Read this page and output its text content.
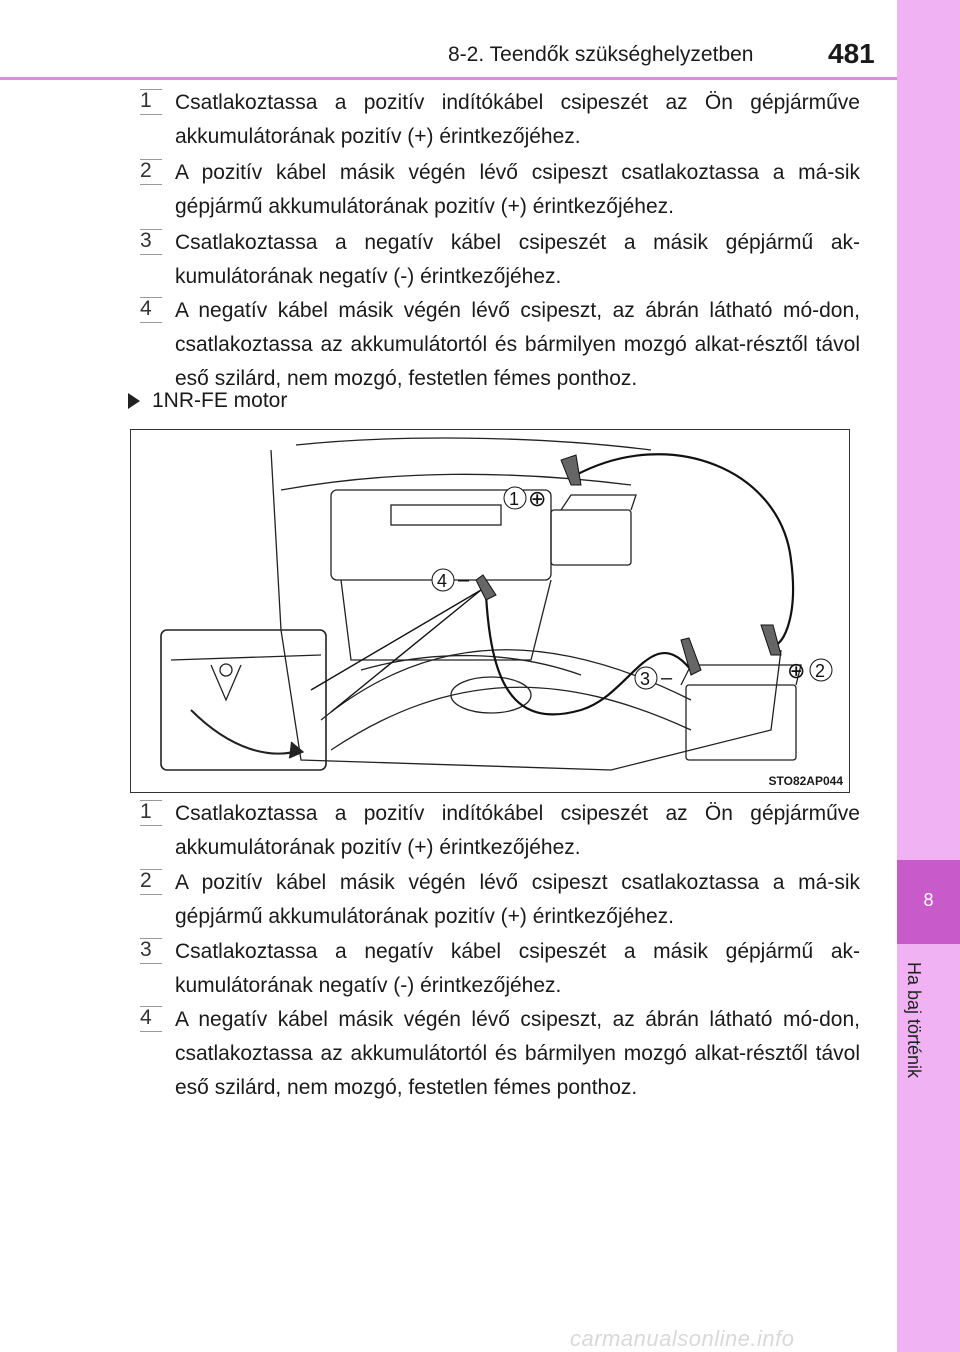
8-2. Teendők szükséghelyzetben	481
8
Ha baj történik
1	Csatlakoztassa a pozitív indítókábel csipeszét az Ön gépjárműve akkumulátorának pozitív (+) érintkezőjéhez.
2	A pozitív kábel másik végén lévő csipeszt csatlakoztassa a má-sik gépjármű akkumulátorának pozitív (+) érintkezőjéhez.
3	Csatlakoztassa a negatív kábel csipeszét a másik gépjármű ak-kumulátorának negatív (-) érintkezőjéhez.
4	A negatív kábel másik végén lévő csipeszt, az ábrán látható mó-don, csatlakoztassa az akkumulátortól és bármilyen mozgó alkat-résztől távol eső szilárd, nem mozgó, festetlen fémes ponthoz.
1NR-FE motor
1 ⊕
2
⊕
3 –
4 –
STO82AP044
1	Csatlakoztassa a pozitív indítókábel csipeszét az Ön gépjárműve akkumulátorának pozitív (+) érintkezőjéhez.
2	A pozitív kábel másik végén lévő csipeszt csatlakoztassa a má-sik gépjármű akkumulátorának pozitív (+) érintkezőjéhez.
3	Csatlakoztassa a negatív kábel csipeszét a másik gépjármű ak-kumulátorának negatív (-) érintkezőjéhez.
4	A negatív kábel másik végén lévő csipeszt, az ábrán látható mó-don, csatlakoztassa az akkumulátortól és bármilyen mozgó alkat-résztől távol eső szilárd, nem mozgó, festetlen fémes ponthoz.
carmanualsonline.info
